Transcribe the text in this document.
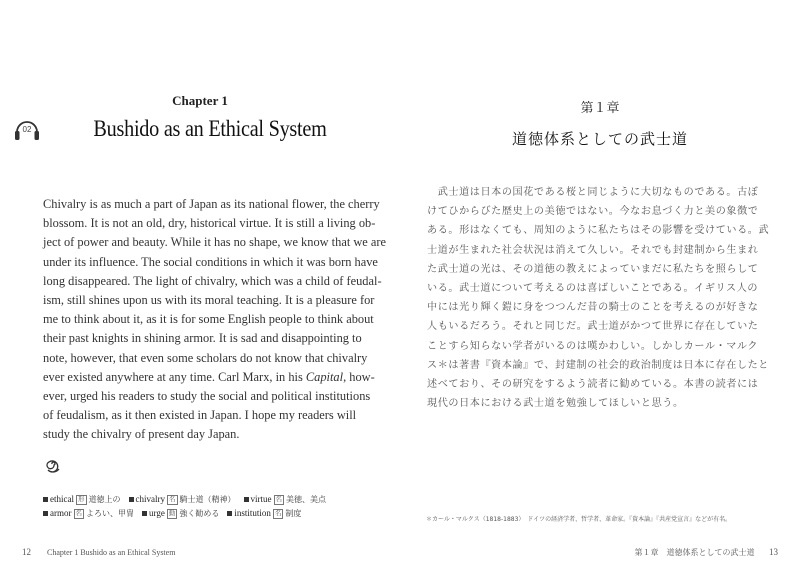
Chapter 1
02	Bushido as an Ethical System
Chivalry is as much a part of Japan as its national flower, the cherry
blossom. It is not an old, dry, historical virtue. It is still a living ob-
ject of power and beauty. While it has no shape, we know that we are
under its influence. The social conditions in which it was born have
long disappeared. The light of chivalry, which was a child of feudal-
ism, still shines upon us with its moral teaching. It is a pleasure for
me to think about it, as it is for some English people to think about
their past knights in shining armor. It is sad and disappointing to
note, however, that even some scholars do not know that chivalry
ever existed anywhere at any time. Carl Marx, in his Capital, how-
ever, urged his readers to study the social and political institutions
of feudalism, as it then existed in Japan. I hope my readers will
study the chivalry of present day Japan.
ethical 形 道徳上の chivalry 名 騎士道（精神） virtue 名 美徳、美点
armor 名 よろい、甲冑 urge 動 強く勧める institution 名 制度
12 Chapter 1 Bushido as an Ethical System
第１章
道徳体系としての武士道
　武士道は日本の国花である桜と同じように大切なものである。古ぼ
けてひからびた歴史上の美徳ではない。今なお息づく力と美の象徴で
ある。形はなくても、周知のように私たちはその影響を受けている。武
士道が生まれた社会状況は消えて久しい。それでも封建制から生まれ
た武士道の光は、その道徳の教えによっていまだに私たちを照らして
いる。武士道について考えるのは喜ばしいことである。イギリス人の
中には光り輝く鎧に身をつつんだ昔の騎士のことを考えるのが好きな
人もいるだろう。それと同じだ。武士道がかつて世界に存在していた
ことすら知らない学者がいるのは嘆かわしい。しかしカール・マルク
ス＊は著書『資本論』で、封建制の社会的政治制度は日本に存在したと
述べており、その研究をするよう読者に勧めている。本書の読者には
現代の日本における武士道を勉強してほしいと思う。
＊カール・マルクス（1818-1883）　ドイツの経済学者、哲学者、革命家。『資本論』『共産党宣言』などが有名。
第１章　道徳体系としての武士道 13
